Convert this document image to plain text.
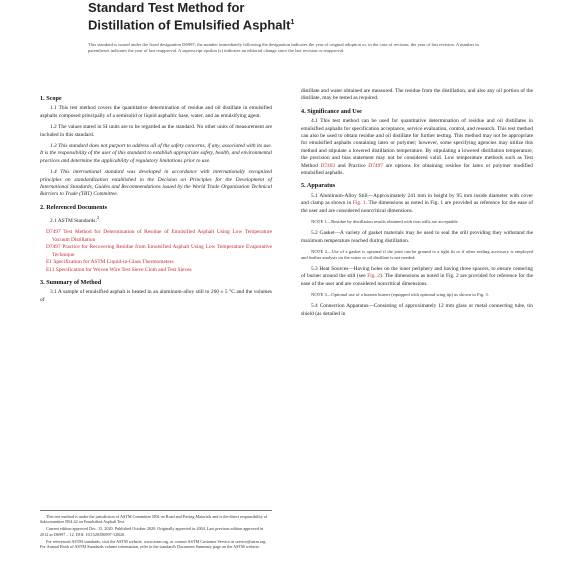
Standard Test Method for
Distillation of Emulsified Asphalt$^1$
This standard is issued under the fixed designation D6997; the number immediately following the designation indicates the year of original adoption or, in the case of revision, the year of last revision. A number in parentheses indicates the year of last reapproval. A superscript epsilon (ε) indicates an editorial change since the last revision or reapproval.
1. Scope

1.1 This test method covers the quantitative determination of residue and oil distillate in emulsified asphalts composed principally of a semisolid or liquid asphaltic base, water, and an emulsifying agent.

1.2 The values stated in SI units are to be regarded as the standard. No other units of measurement are included in this standard.

1.3 This standard does not purport to address all of the safety concerns, if any, associated with its use. It is the responsibility of the user of this standard to establish appropriate safety, health, and environmental practices and determine the applicability of regulatory limitations prior to use.

1.4 This international standard was developed in accordance with internationally recognized principles on standardization established in the Decision on Principles for the Development of International Standards, Guides and Recommendations issued by the World Trade Organization Technical Barriers to Trade (TBT) Committee.

2. Referenced Documents

2.1 ASTM Standards:$^2$

D7497 Test Method for Determination of Residue of Emulsified Asphalt Using Low Temperature Vacuum Distillation
D7497 Practice for Recovering Residue from Emulsified Asphalt Using Low Temperature Evaporative Technique
E1 Specification for ASTM Liquid-in-Glass Thermometers
E11 Specification for Woven Wire Test Sieve Cloth and Test Sieves
3. Summary of Method

3.1 A sample of emulsified asphalt is heated in an aluminum-alloy still to 260 ± 5 °C and the volumes of

distillate and water obtained are measured. The residue from the distillation, and also any oil portion of the distillate, may be tested as required.

4. Significance and Use

4.1 This test method can be used for quantitative determination of residue and oil distillates in emulsified asphalts for specification acceptance, service evaluation, control, and research. This test method can also be used to obtain residue and oil distillate for further testing. This method may not be appropriate for emulsified asphalts containing latex or polymer; however, some specifying agencies may utilize this method and stipulate a lowered distillation temperature. By stipulating a lowered distillation temperature, the precision and bias statement may not be considered valid. Low temperature methods such as Test Method D7403 and Practice D7497 are options for obtaining residue for latex or polymer modified emulsified asphalts.

5. Apparatus

5.1 Aluminum-Alloy Still—Approximately 241 mm in height by 95 mm inside diameter with cover and clamp as shown in Fig. 1. The dimensions as noted in Fig. 1 are provided as reference for the ease of the user and are considered nonrcritical dimensions.

NOTE 1—Residue by distillation results obtained with iron stills are acceptable.

5.2 Gasket—A variety of gasket materials may be used to seal the still providing they withstand the maximum temperature reached during distillation.

NOTE 2—Use of a gasket is optional if the joint can be ground to a tight fit or if other sealing accessory is employed and further analysis on the water or oil distillate is not needed.

5.3 Heat Sources—Having holes on the inner periphery and having three spacers, to ensure centering of burner around the still (see Fig. 2). The dimensions as noted in Fig. 2 are provided for reference for the ease of the user and are considered noncritical dimensions.

NOTE 3—Optional use of a bunsen burner (equipped with optional wing tip) as shown in Fig. 3.

5.4 Connection Apparatus—Consisting of approximately 12 mm glass or metal connecting tube, tin shield (as detailed in

This test method is under the jurisdiction of ASTM Committee D04 on Road and Paving Materials and is the direct responsibility of Subcommittee D04.42 on Emulsified Asphalt Test.

Current edition approved Dec. 15, 2020. Published October 2020. Originally approved in 2004. Last previous edition approved in 2012 as D6997 – 12. DOI: 10.1520/D6997-12R20.

For referenced ASTM standards, visit the ASTM website, www.astm.org, or contact ASTM Customer Service at service@astm.org. For Annual Book of ASTM Standards volume information, refer to the standard's Document Summary page on the ASTM website.
